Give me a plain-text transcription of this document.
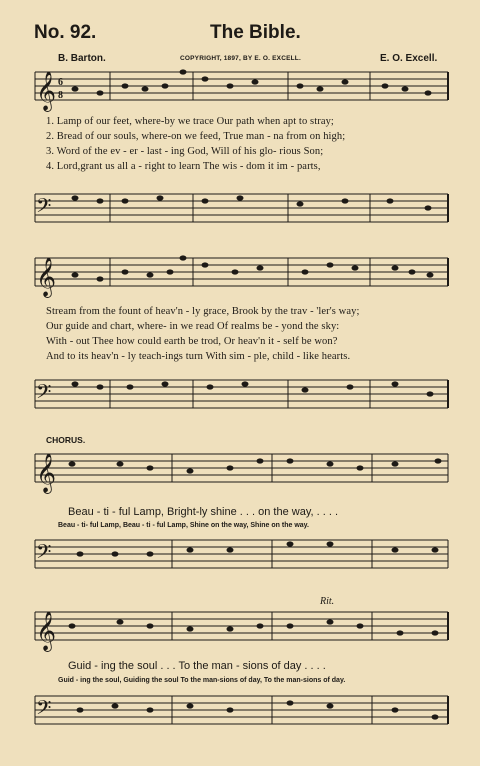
No. 92.	The Bible.
B. Barton.	COPYRIGHT, 1897, BY E. O. EXCELL.	E. O. Excell.
𝄞 6
8
1. Lamp of our feet, where-by we trace Our path when apt to stray;
2. Bread of our souls, where-on we feed, True man - na from on high;
3. Word of the ev - er - last - ing God, Will of his glo- rious Son;
4. Lord,grant us all a - right to learn The wis - dom it im - parts,
𝄢
𝄞
Stream from the fount of heav'n - ly grace, Brook by the trav - 'ler's way;
Our guide and chart, where- in we read Of realms be - yond the sky:
With - out Thee how could earth be trod, Or heav'n it - self be won?
And to its heav'n - ly teach-ings turn With sim - ple, child - like hearts.
𝄢
CHORUS.
𝄞
Beau - ti - ful Lamp, Bright-ly shine . . . on the way, . . . .
Beau - ti- ful Lamp, Beau - ti - ful Lamp, Shine on the way, Shine on the way.
𝄢
Rit.
𝄞
Guid - ing the soul . . . To the man - sions of day . . . .
Guid - ing the soul, Guiding the soul To the man-sions of day, To the man-sions of day.
𝄢
